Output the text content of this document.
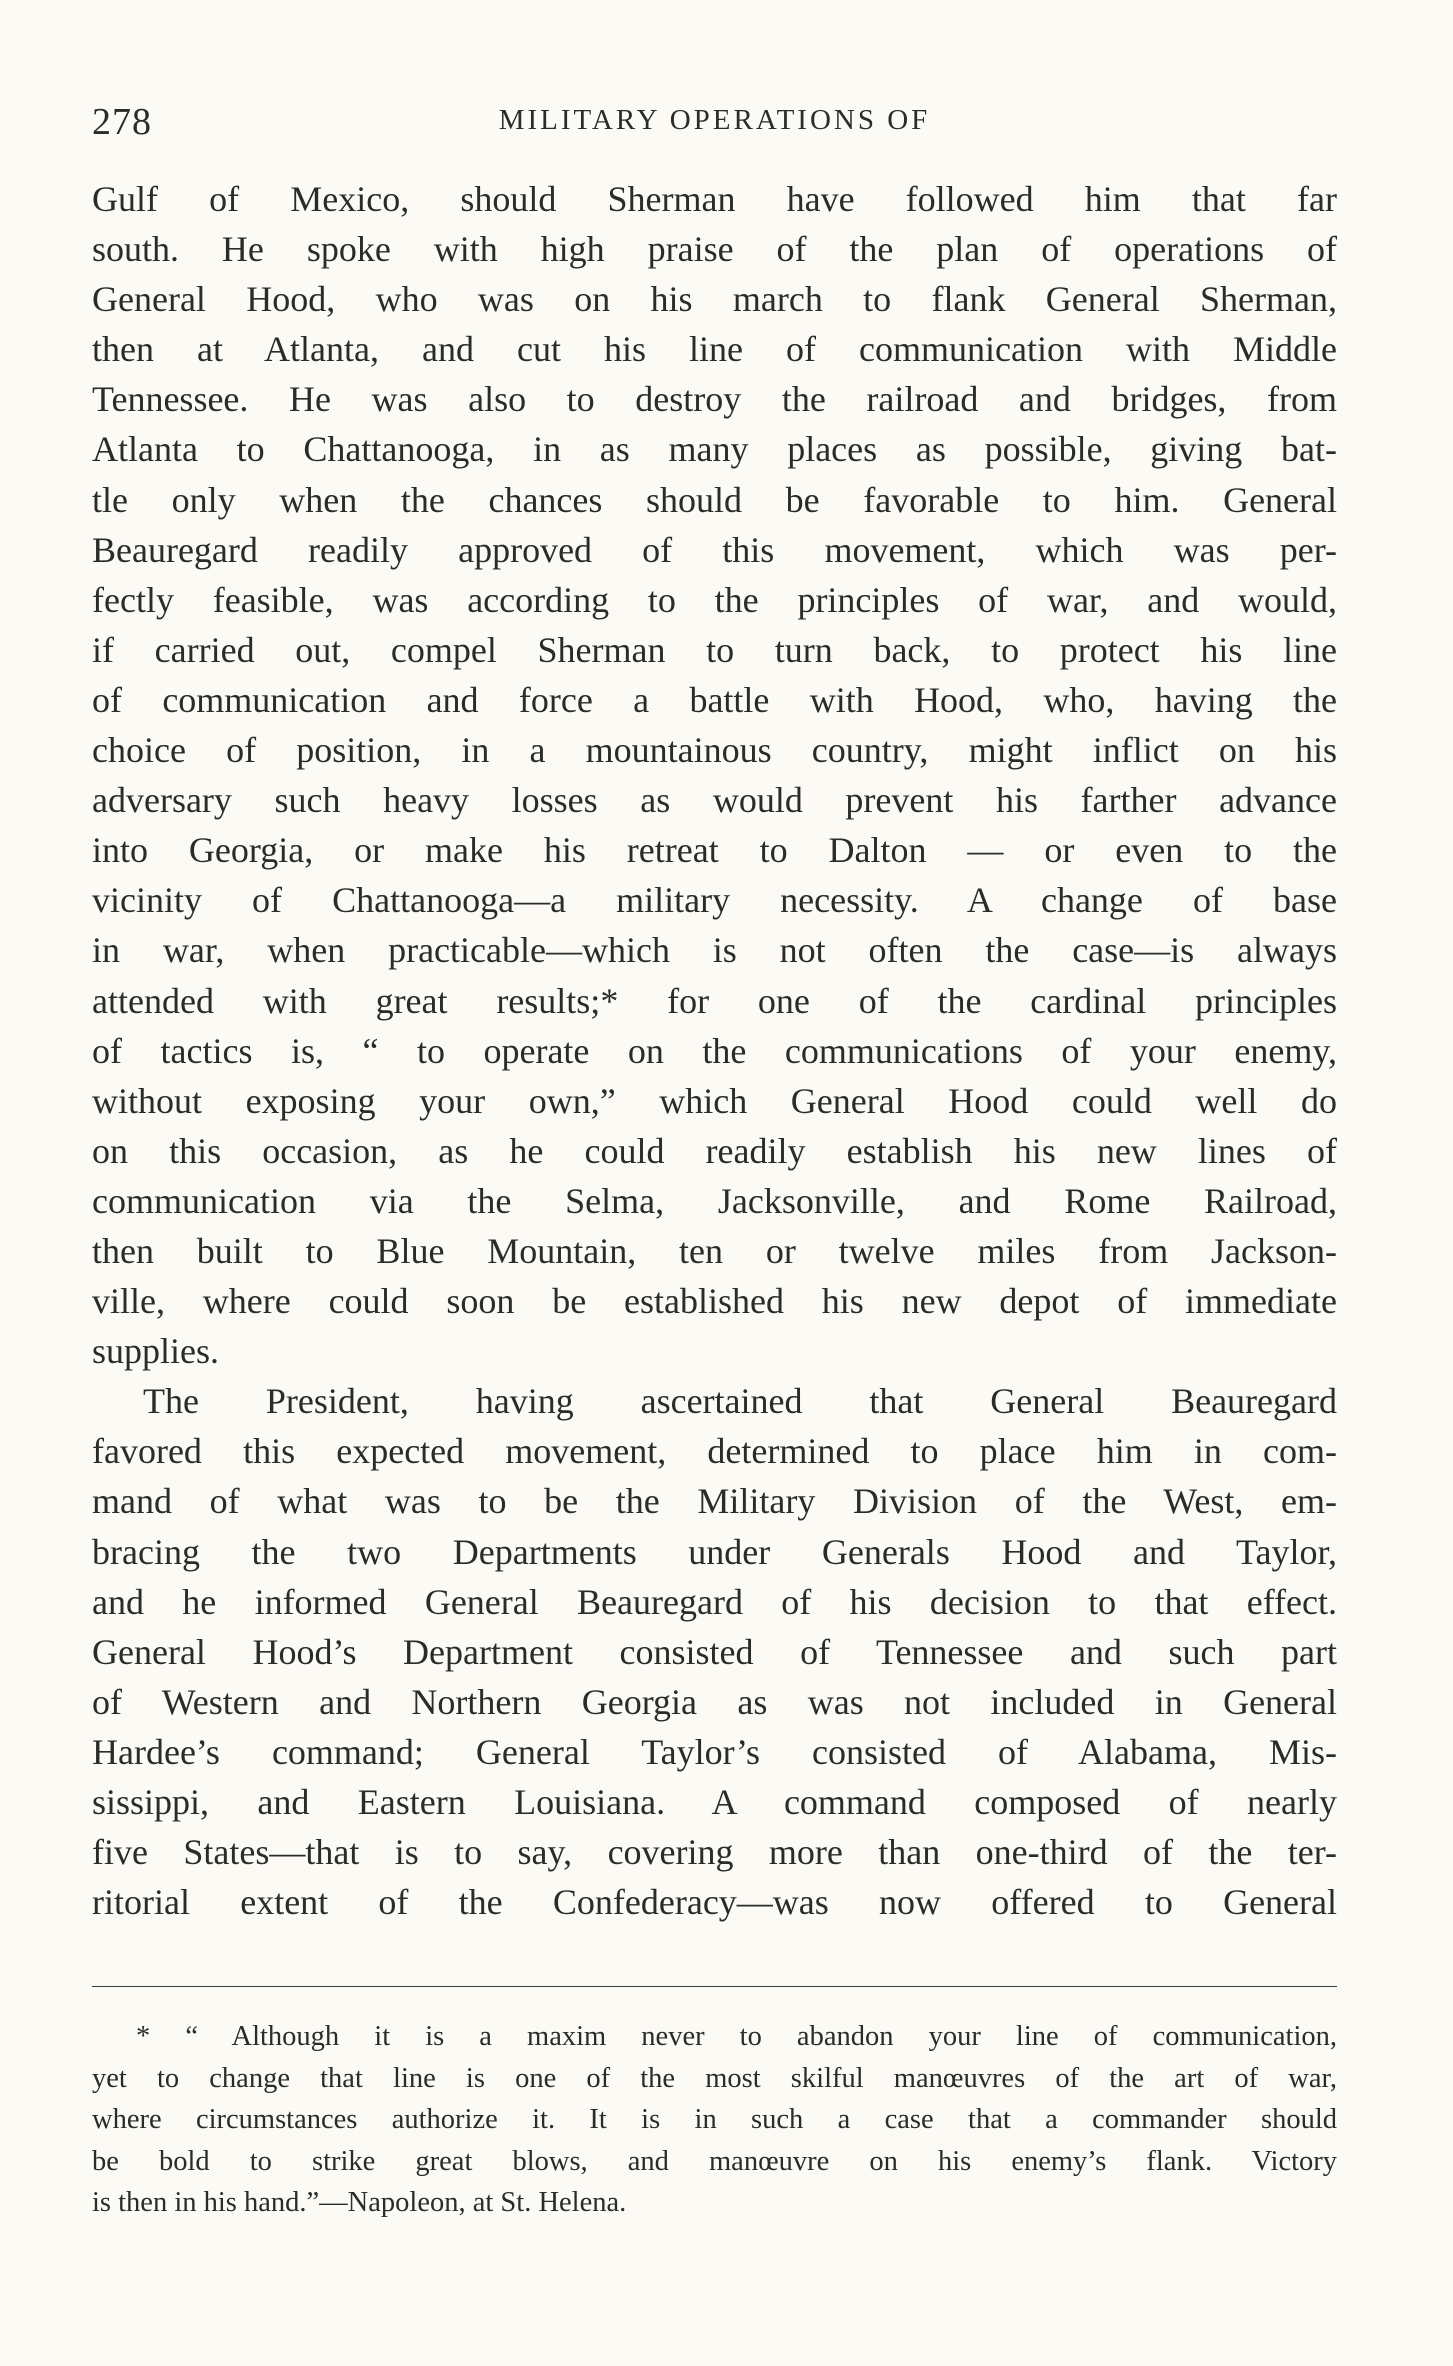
278	MILITARY OPERATIONS OF
Gulf of Mexico, should Sherman have followed him that far
south. He spoke with high praise of the plan of operations of
General Hood, who was on his march to flank General Sherman,
then at Atlanta, and cut his line of communication with Middle
Tennessee. He was also to destroy the railroad and bridges, from
Atlanta to Chattanooga, in as many places as possible, giving bat-
tle only when the chances should be favorable to him. General
Beauregard readily approved of this movement, which was per-
fectly feasible, was according to the principles of war, and would,
if carried out, compel Sherman to turn back, to protect his line
of communication and force a battle with Hood, who, having the
choice of position, in a mountainous country, might inflict on his
adversary such heavy losses as would prevent his farther advance
into Georgia, or make his retreat to Dalton — or even to the
vicinity of Chattanooga—a military necessity. A change of base
in war, when practicable—which is not often the case—is always
attended with great results;* for one of the cardinal principles
of tactics is, “ to operate on the communications of your enemy,
without exposing your own,” which General Hood could well do
on this occasion, as he could readily establish his new lines of
communication via the Selma, Jacksonville, and Rome Railroad,
then built to Blue Mountain, ten or twelve miles from Jackson-
ville, where could soon be established his new depot of immediate
supplies.
The President, having ascertained that General Beauregard
favored this expected movement, determined to place him in com-
mand of what was to be the Military Division of the West, em-
bracing the two Departments under Generals Hood and Taylor,
and he informed General Beauregard of his decision to that effect.
General Hood’s Department consisted of Tennessee and such part
of Western and Northern Georgia as was not included in General
Hardee’s command; General Taylor’s consisted of Alabama, Mis-
sissippi, and Eastern Louisiana. A command composed of nearly
five States—that is to say, covering more than one-third of the ter-
ritorial extent of the Confederacy—was now offered to General
* “ Although it is a maxim never to abandon your line of communication,
yet to change that line is one of the most skilful manœuvres of the art of war,
where circumstances authorize it. It is in such a case that a commander should
be bold to strike great blows, and manœuvre on his enemy’s flank. Victory
is then in his hand.”—Napoleon, at St. Helena.
